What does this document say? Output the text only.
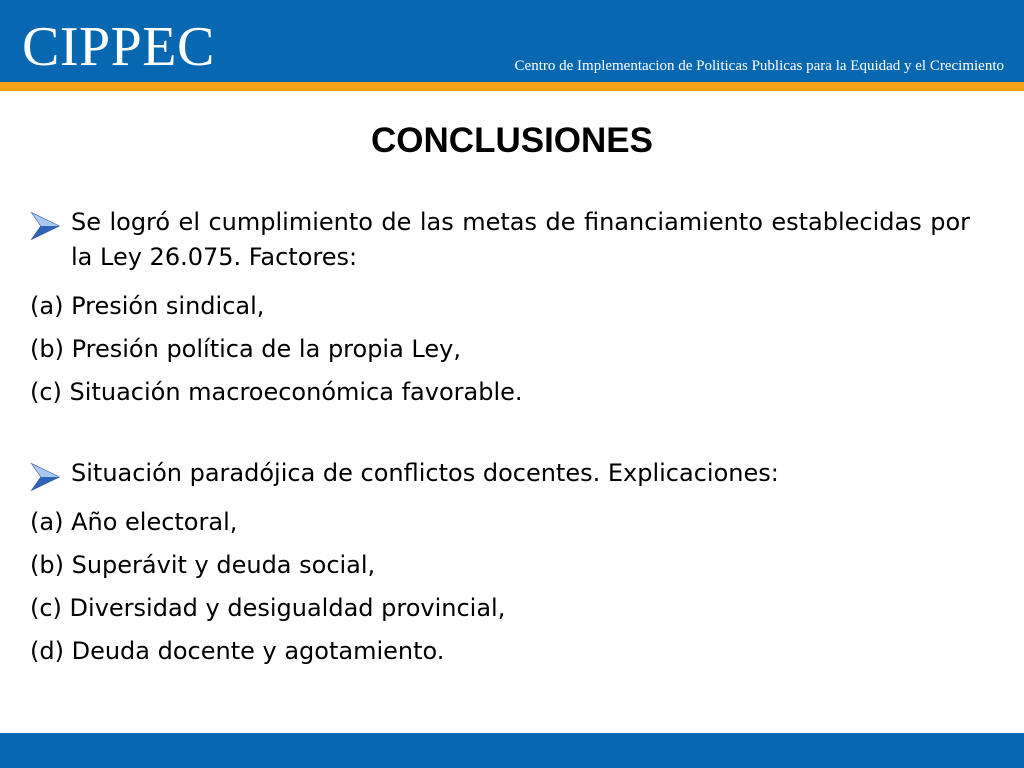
CIPPEC	Centro de Implementacion de Politicas Publicas para la Equidad y el Crecimiento
CONCLUSIONES
Se logró el cumplimiento de las metas de financiamiento establecidas por la Ley 26.075. Factores:
(a) Presión sindical,
(b) Presión política de la propia Ley,
(c) Situación macroeconómica favorable.
Situación paradójica de conflictos docentes. Explicaciones:
(a) Año electoral,
(b) Superávit y deuda social,
(c) Diversidad y desigualdad provincial,
(d) Deuda docente y agotamiento.
